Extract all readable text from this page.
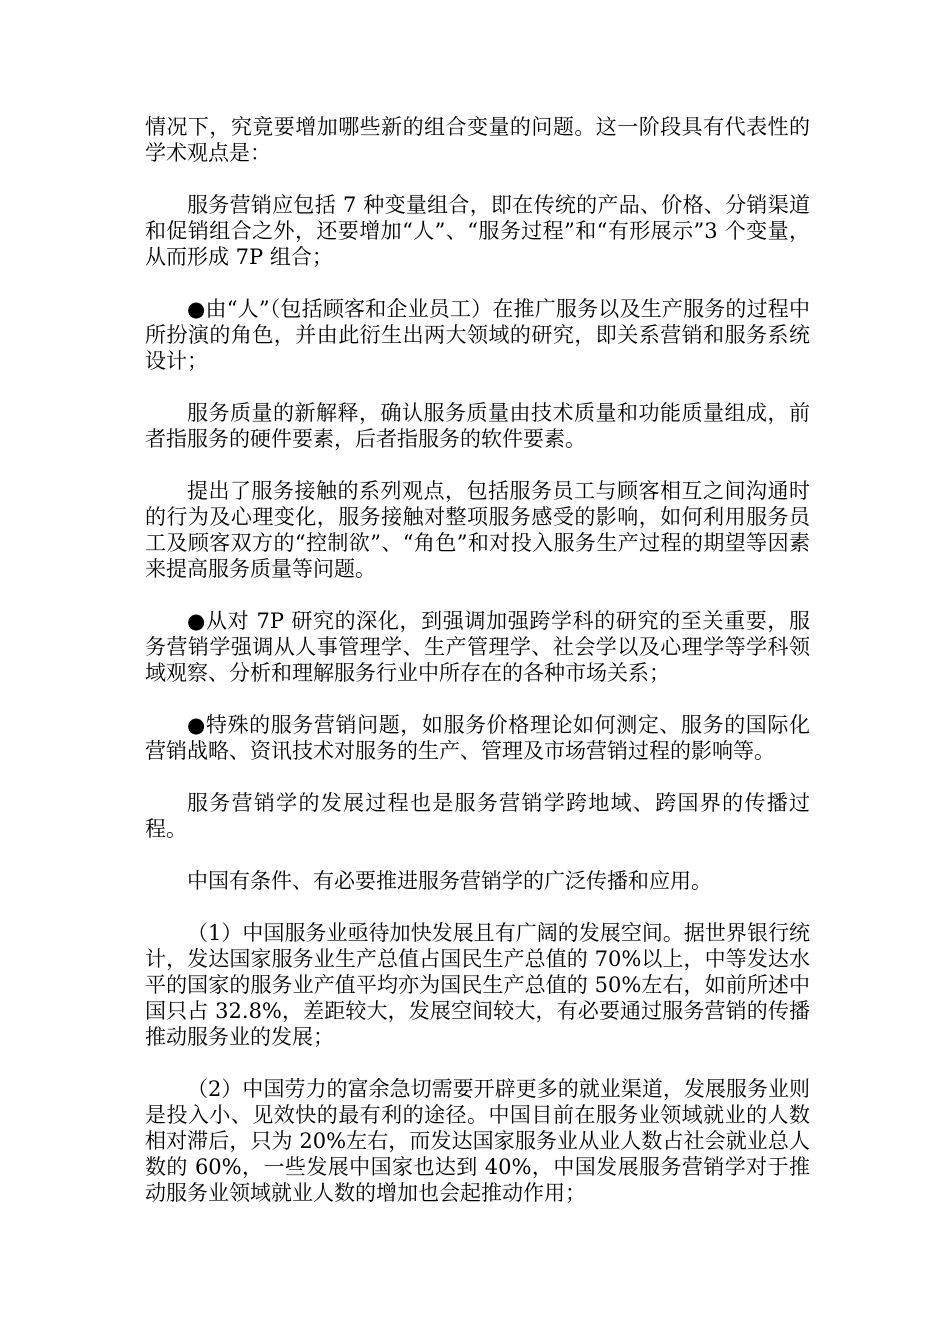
情况下，究竟要增加哪些新的组合变量的问题。这一阶段具有代表性的学术观点是：

服务营销应包括 7 种变量组合，即在传统的产品、价格、分销渠道和促销组合之外，还要增加“人”、“服务过程”和“有形展示”3 个变量，从而形成 7P 组合；

●由“人”（包括顾客和企业员工）在推广服务以及生产服务的过程中所扮演的角色，并由此衍生出两大领域的研究，即关系营销和服务系统设计；

服务质量的新解释，确认服务质量由技术质量和功能质量组成，前者指服务的硬件要素，后者指服务的软件要素。

提出了服务接触的系列观点，包括服务员工与顾客相互之间沟通时的行为及心理变化，服务接触对整项服务感受的影响，如何利用服务员工及顾客双方的“控制欲”、“角色”和对投入服务生产过程的期望等因素来提高服务质量等问题。

●从对 7P 研究的深化，到强调加强跨学科的研究的至关重要，服务营销学强调从人事管理学、生产管理学、社会学以及心理学等学科领域观察、分析和理解服务行业中所存在的各种市场关系；

●特殊的服务营销问题，如服务价格理论如何测定、服务的国际化营销战略、资讯技术对服务的生产、管理及市场营销过程的影响等。

服务营销学的发展过程也是服务营销学跨地域、跨国界的传播过程。

中国有条件、有必要推进服务营销学的广泛传播和应用。

（1）中国服务业亟待加快发展且有广阔的发展空间。据世界银行统计，发达国家服务业生产总值占国民生产总值的 70%以上，中等发达水平的国家的服务业产值平均亦为国民生产总值的 50%左右，如前所述中国只占 32.8%，差距较大，发展空间较大，有必要通过服务营销的传播推动服务业的发展；

（2）中国劳力的富余急切需要开辟更多的就业渠道，发展服务业则是投入小、见效快的最有利的途径。中国目前在服务业领域就业的人数相对滞后，只为 20%左右，而发达国家服务业从业人数占社会就业总人数的 60%，一些发展中国家也达到 40%，中国发展服务营销学对于推动服务业领域就业人数的增加也会起推动作用；
